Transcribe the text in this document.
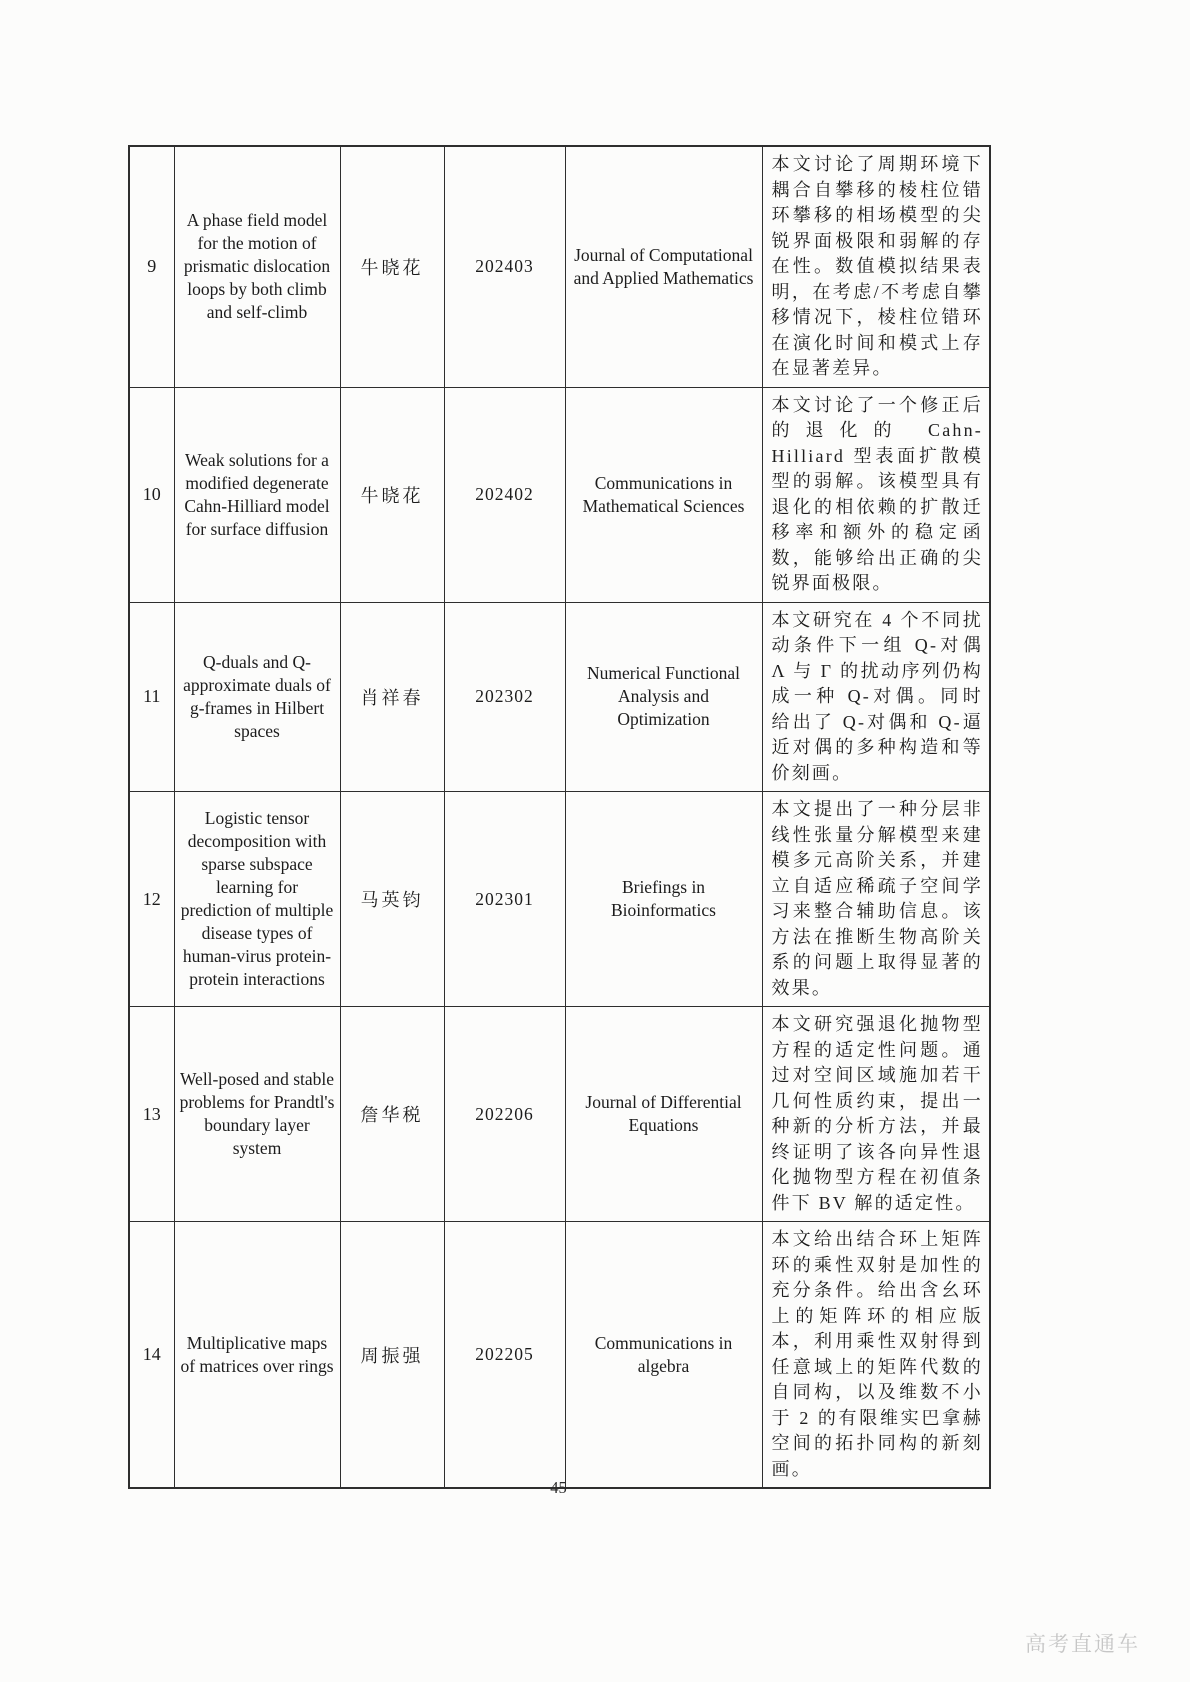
9	A phase field model for the motion of prismatic dislocation loops by both climb and self-climb	牛晓花	202403	Journal of Computational and Applied Mathematics	本文讨论了周期环境下耦合自攀移的棱柱位错环攀移的相场模型的尖锐界面极限和弱解的存在性。数值模拟结果表明，在考虑/不考虑自攀移情况下，棱柱位错环在演化时间和模式上存在显著差异。
10	Weak solutions for a modified degenerate Cahn-Hilliard model for surface diffusion	牛晓花	202402	Communications in Mathematical Sciences	本文讨论了一个修正后的退化的 Cahn-Hilliard 型表面扩散模型的弱解。该模型具有退化的相依赖的扩散迁移率和额外的稳定函数，能够给出正确的尖锐界面极限。
11	Q-duals and Q-approximate duals of g-frames in Hilbert spaces	肖祥春	202302	Numerical Functional Analysis and Optimization	本文研究在 4 个不同扰动条件下一组 Q-对偶 Λ 与 Γ 的扰动序列仍构成一种 Q-对偶。同时给出了 Q-对偶和 Q-逼近对偶的多种构造和等价刻画。
12	Logistic tensor decomposition with sparse subspace learning for prediction of multiple disease types of human-virus protein-protein interactions	马英钧	202301	Briefings in Bioinformatics	本文提出了一种分层非线性张量分解模型来建模多元高阶关系，并建立自适应稀疏子空间学习来整合辅助信息。该方法在推断生物高阶关系的问题上取得显著的效果。
13	Well-posed and stable problems for Prandtl's boundary layer system	詹华税	202206	Journal of Differential Equations	本文研究强退化抛物型方程的适定性问题。通过对空间区域施加若干几何性质约束，提出一种新的分析方法，并最终证明了该各向异性退化抛物型方程在初值条件下 BV 解的适定性。
14	Multiplicative maps of matrices over rings	周振强	202205	Communications in algebra	本文给出结合环上矩阵环的乘性双射是加性的充分条件。给出含幺环上的矩阵环的相应版本，利用乘性双射得到任意域上的矩阵代数的自同构，以及维数不小于 2 的有限维实巴拿赫空间的拓扑同构的新刻画。
45
高考直通车
